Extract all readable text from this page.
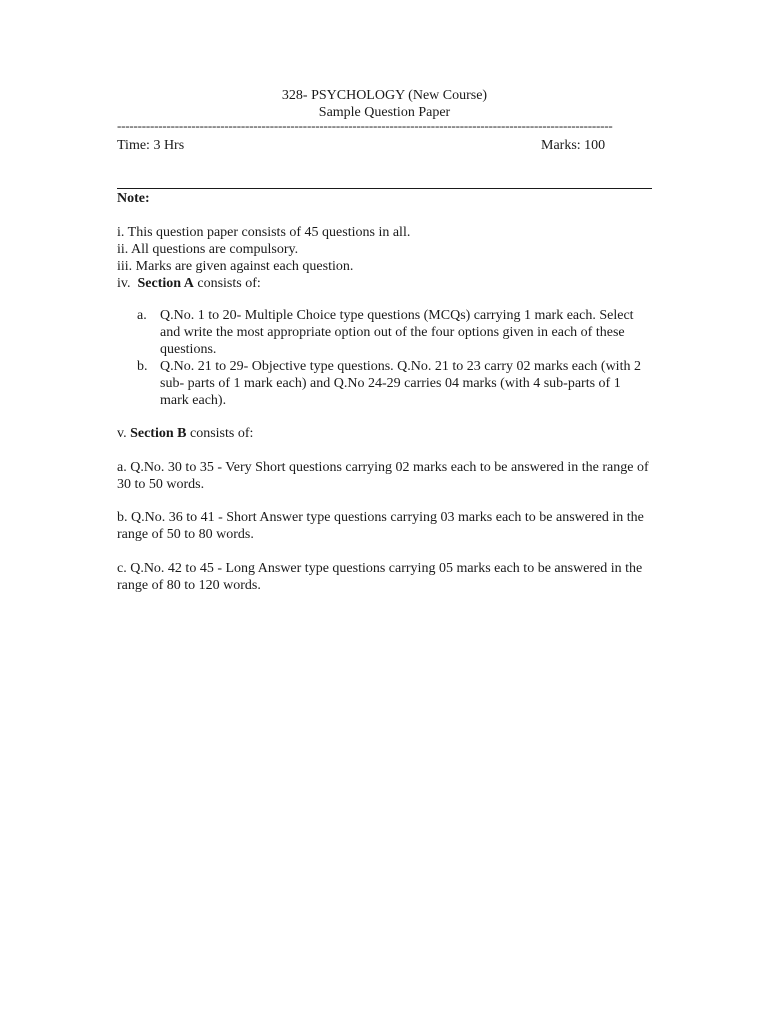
328- PSYCHOLOGY (New Course)
Sample Question Paper
------------------------------------------------------------------------------------------------------------------------
Time: 3 Hrs	Marks: 100
Note:
i. This question paper consists of 45 questions in all.
ii. All questions are compulsory.
iii. Marks are given against each question.
iv.  Section A consists of:
a. Q.No. 1 to 20- Multiple Choice type questions (MCQs) carrying 1 mark each. Select and write the most appropriate option out of the four options given in each of these questions.
b. Q.No. 21 to 29- Objective type questions. Q.No. 21 to 23 carry 02 marks each (with 2 sub- parts of 1 mark each) and Q.No 24-29 carries 04 marks (with 4 sub-parts of 1 mark each).
v. Section B consists of:
a. Q.No. 30 to 35 - Very Short questions carrying 02 marks each to be answered in the range of 30 to 50 words.
b. Q.No. 36 to 41 - Short Answer type questions carrying 03 marks each to be answered in the range of 50 to 80 words.
c. Q.No. 42 to 45 - Long Answer type questions carrying 05 marks each to be answered in the range of 80 to 120 words.
